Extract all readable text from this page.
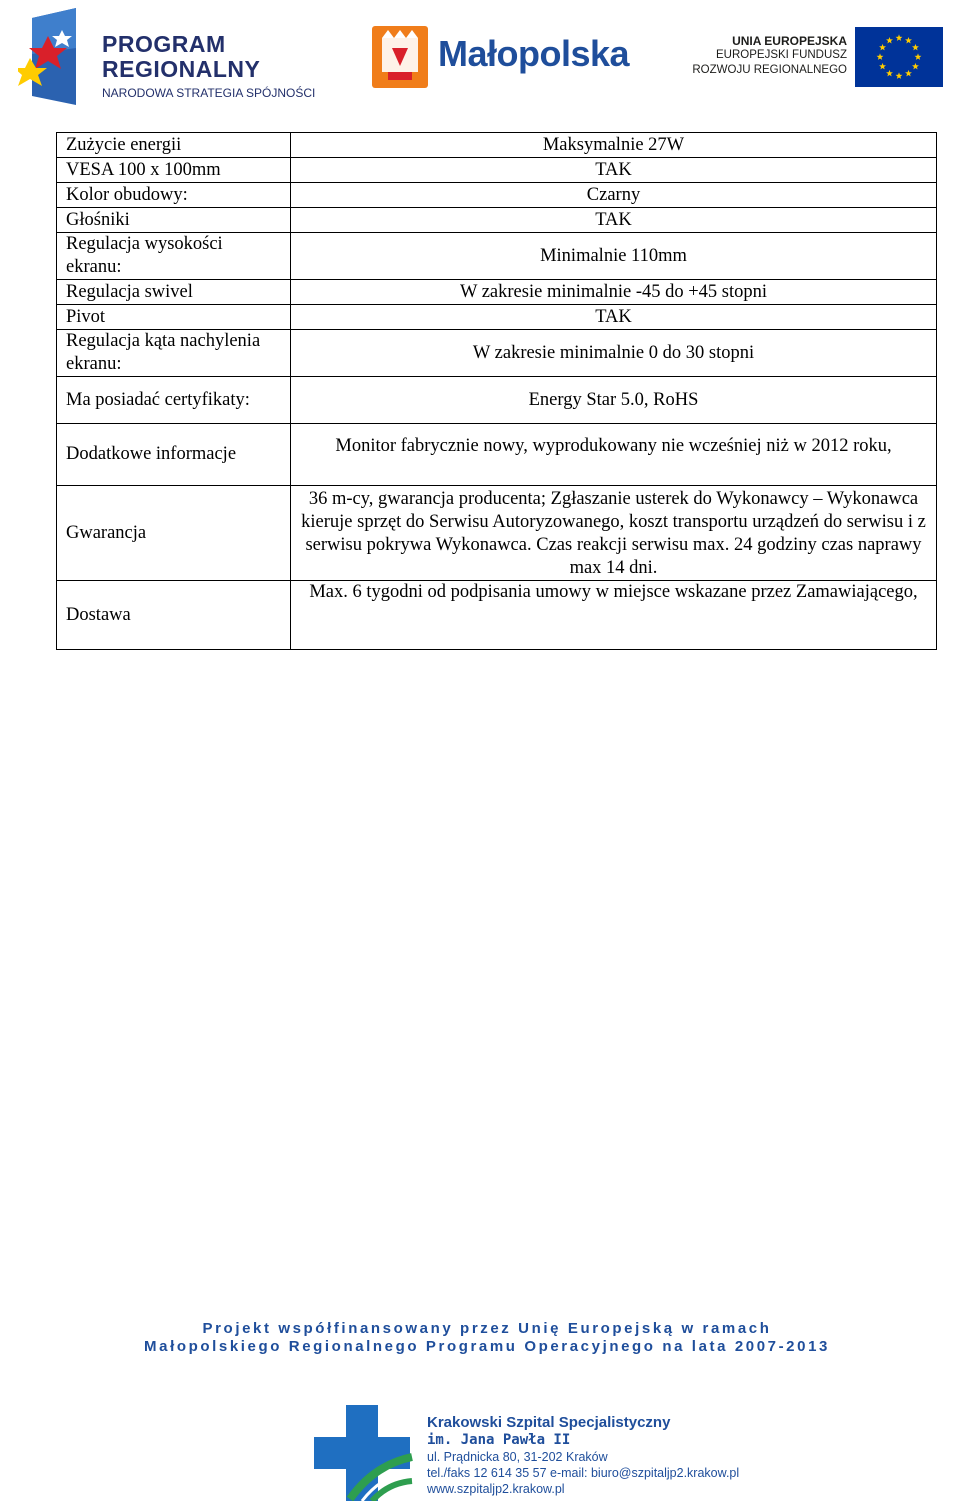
PROGRAM
REGIONALNY
NARODOWA STRATEGIA SPÓJNOŚCI
Małopolska	UNIA EUROPEJSKA
EUROPEJSKI FUNDUSZ
ROZWOJU REGIONALNEGO
Zużycie energii	Maksymalnie 27W
VESA 100 x 100mm	TAK
Kolor obudowy:	Czarny
Głośniki	TAK
Regulacja wysokości ekranu:	Minimalnie 110mm
Regulacja swivel	W zakresie minimalnie -45 do +45 stopni
Pivot	TAK
Regulacja kąta nachylenia ekranu:	W zakresie minimalnie 0 do 30 stopni
Ma posiadać certyfikaty:	Energy Star 5.0, RoHS
Dodatkowe informacje	Monitor fabrycznie nowy, wyprodukowany nie wcześniej niż w 2012 roku,
Gwarancja	36 m-cy, gwarancja producenta; Zgłaszanie usterek do Wykonawcy – Wykonawca kieruje sprzęt do Serwisu Autoryzowanego, koszt transportu urządzeń do serwisu i z serwisu pokrywa Wykonawca. Czas reakcji serwisu max. 24 godziny czas naprawy max 14 dni.
Dostawa	Max. 6 tygodni od podpisania umowy w miejsce wskazane przez Zamawiającego,
Projekt współfinansowany przez Unię Europejską w ramach
Małopolskiego Regionalnego Programu Operacyjnego na lata 2007-2013
Krakowski Szpital Specjalistyczny
im. Jana Pawła II
ul. Prądnicka 80, 31-202 Kraków
tel./faks 12 614 35 57 e-mail: biuro@szpitaljp2.krakow.pl
www.szpitaljp2.krakow.pl
